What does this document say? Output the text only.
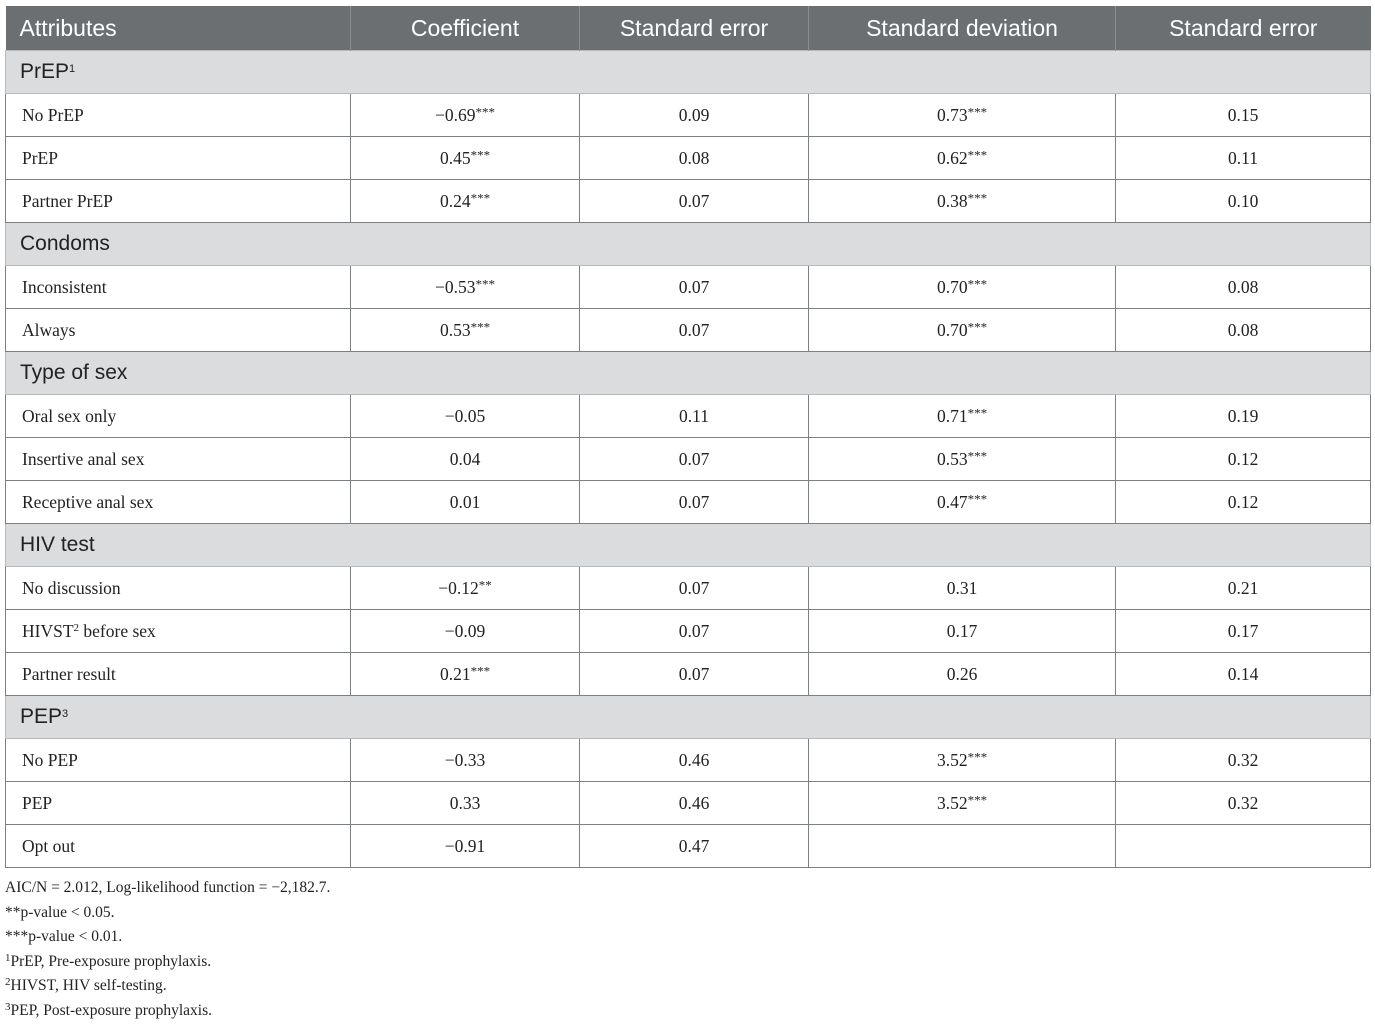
Attributes	Coefficient	Standard error	Standard deviation	Standard error
PrEP$^1$
No PrEP	−0.69***	0.09	0.73***	0.15
PrEP	0.45***	0.08	0.62***	0.11
Partner PrEP	0.24***	0.07	0.38***	0.10
Condoms				
Inconsistent	−0.53***	0.07	0.70***	0.08
Always	0.53***	0.07	0.70***	0.08
Type of sex				
Oral sex only	−0.05	0.11	0.71***	0.19
Insertive anal sex	0.04	0.07	0.53***	0.12
Receptive anal sex	0.01	0.07	0.47***	0.12
HIV test				
No discussion	−0.12**	0.07	0.31	0.21
HIVST$^2$ before sex	−0.09	0.07	0.17	0.17
Partner result	0.21***	0.07	0.26	0.14
PEP$^3$
No PEP	−0.33	0.46	3.52***	0.32
PEP	0.33	0.46	3.52***	0.32
Opt out	−0.91	0.47		
AIC/N = 2.012, Log-likelihood function = −2,182.7.
**p-value < 0.05.
***p-value < 0.01.
$^1$PrEP, Pre-exposure prophylaxis.
$^2$HIVST, HIV self-testing.
$^3$PEP, Post-exposure prophylaxis.
